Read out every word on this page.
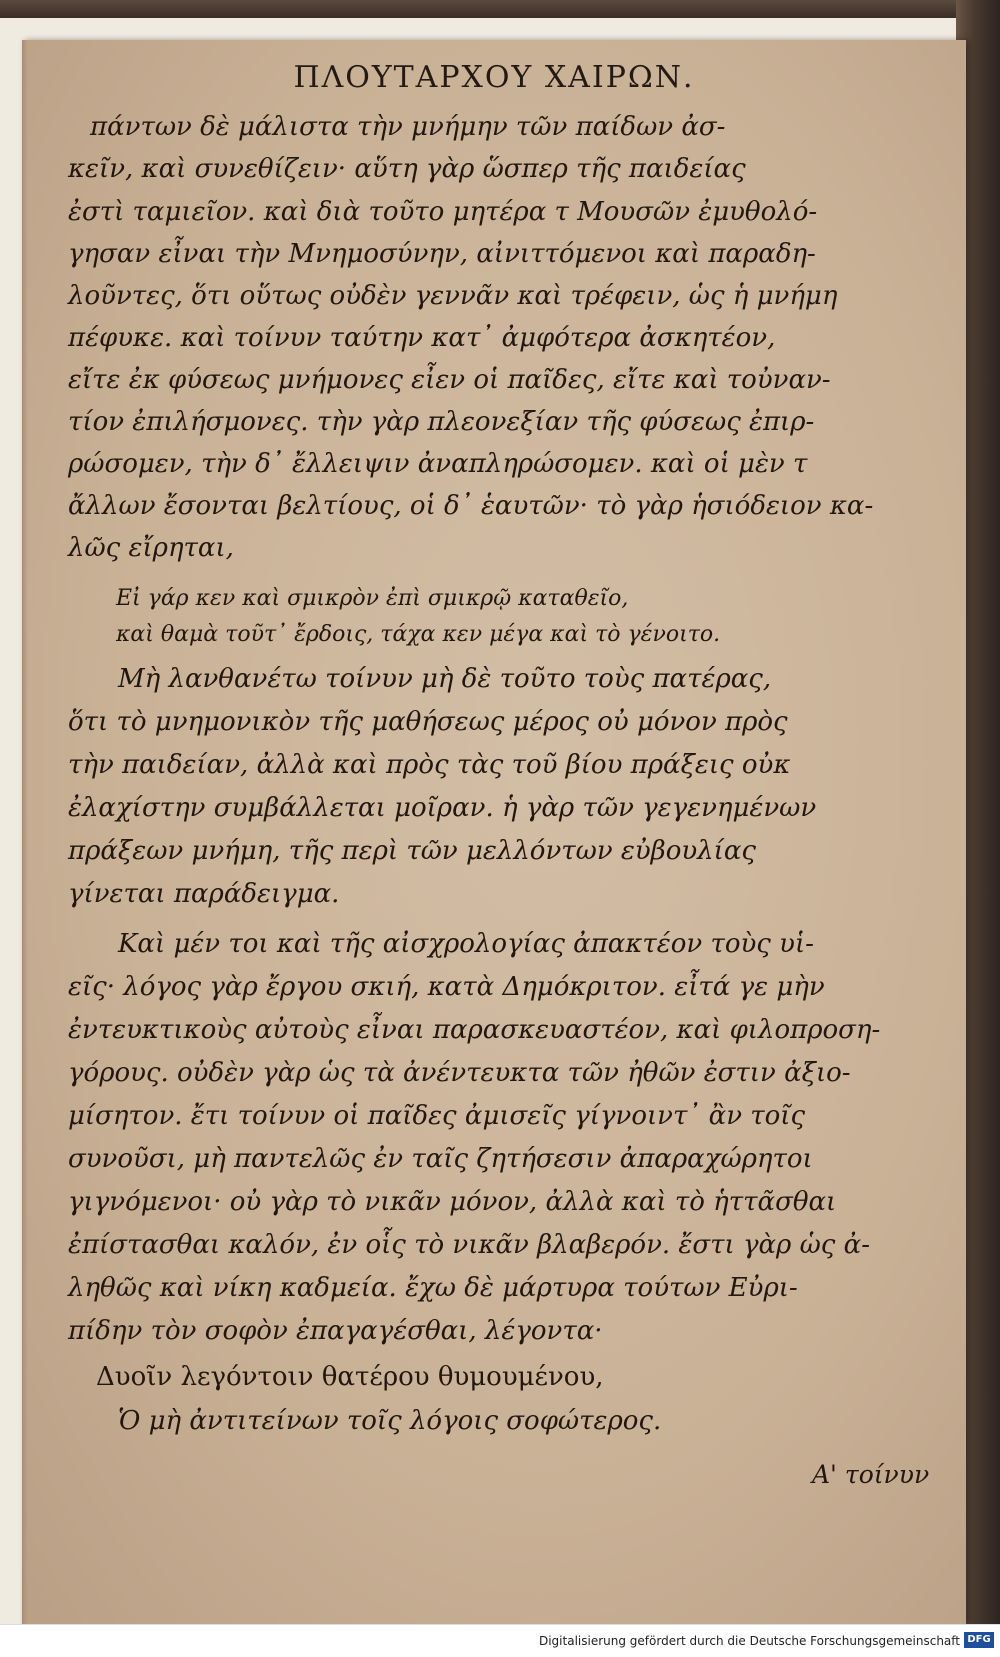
ΠΛΟΥΤΑΡΧΟΥ ΧΑΙΡΩΝ.
πάντων δὲ μάλιστα τὴν μνήμην τῶν παίδων ἀσ-
κεῖν, καὶ συνεθίζειν· αὕτη γὰρ ὥσπερ τῆς παιδείας
ἐστὶ ταμιεῖον. καὶ διὰ τοῦτο μητέρα τ Μουσῶν ἐμυθολό-
γησαν εἶναι τὴν Μνημοσύνην, αἰνιττόμενοι καὶ παραδη-
λοῦντες, ὅτι οὕτως οὐδὲν γεννᾶν καὶ τρέφειν, ὡς ἡ μνήμη
πέφυκε. καὶ τοίνυν ταύτην κατ᾽ ἀμφότερα ἀσκητέον,
εἴτε ἐκ φύσεως μνήμονες εἶεν οἱ παῖδες, εἴτε καὶ τοὐναν-
τίον ἐπιλήσμονες. τὴν γὰρ πλεονεξίαν τῆς φύσεως ἐπιρ-
ρώσομεν, τὴν δ᾽ ἔλλειψιν ἀναπληρώσομεν. καὶ οἱ μὲν τ
ἄλλων ἔσονται βελτίους, οἱ δ᾽ ἑαυτῶν· τὸ γὰρ ἡσιόδειον κα-
λῶς εἴρηται,
Εἰ γάρ κεν καὶ σμικρὸν ἐπὶ σμικρῷ καταθεῖο,
καὶ θαμὰ τοῦτ᾽ ἔρδοις, τάχα κεν μέγα καὶ τὸ γένοιτο.
Μὴ λανθανέτω τοίνυν μὴ δὲ τοῦτο τοὺς πατέρας,
ὅτι τὸ μνημονικὸν τῆς μαθήσεως μέρος οὐ μόνον πρὸς
τὴν παιδείαν, ἀλλὰ καὶ πρὸς τὰς τοῦ βίου πράξεις οὐκ
ἐλαχίστην συμβάλλεται μοῖραν. ἡ γὰρ τῶν γεγενημένων
πράξεων μνήμη, τῆς περὶ τῶν μελλόντων εὐβουλίας
γίνεται παράδειγμα.
Καὶ μέν τοι καὶ τῆς αἰσχρολογίας ἀπακτέον τοὺς υἱ-
εῖς· λόγος γὰρ ἔργου σκιή, κατὰ Δημόκριτον. εἶτά γε μὴν
ἐντευκτικοὺς αὐτοὺς εἶναι παρασκευαστέον, καὶ φιλοπροση-
γόρους. οὐδὲν γὰρ ὡς τὰ ἀνέντευκτα τῶν ἠθῶν ἐστιν ἀξιο-
μίσητον. ἔτι τοίνυν οἱ παῖδες ἀμισεῖς γίγνοιντ᾽ ἂν τοῖς
συνοῦσι, μὴ παντελῶς ἐν ταῖς ζητήσεσιν ἀπαραχώρητοι
γιγνόμενοι· οὐ γὰρ τὸ νικᾶν μόνον, ἀλλὰ καὶ τὸ ἡττᾶσθαι
ἐπίστασθαι καλόν, ἐν οἷς τὸ νικᾶν βλαβερόν. ἔστι γὰρ ὡς ἀ-
ληθῶς καὶ νίκη καδμεία. ἔχω δὲ μάρτυρα τούτων Εὐρι-
πίδην τὸν σοφὸν ἐπαγαγέσθαι, λέγοντα·
Δυοῖν λεγόντοιν θατέρου θυμουμένου,
Ὁ μὴ ἀντιτείνων τοῖς λόγοις σοφώτερος.
Α' τοίνυν
Digitalisierung gefördert durch die Deutsche Forschungsgemeinschaft DFG
